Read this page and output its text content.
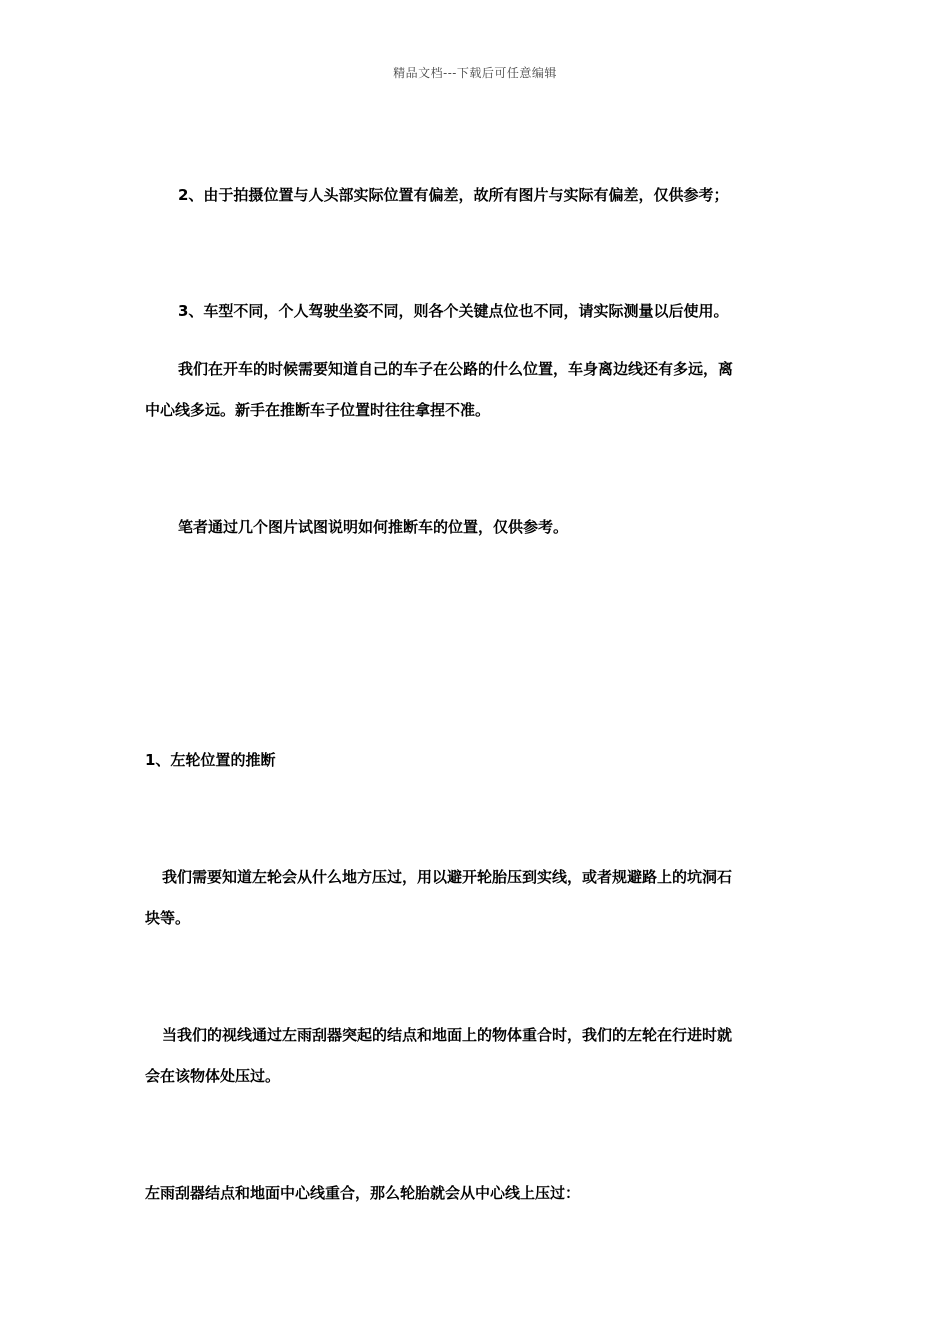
精品文档---下载后可任意编辑
2、由于拍摄位置与人头部实际位置有偏差，故所有图片与实际有偏差，仅供参考；
3、车型不同，个人驾驶坐姿不同，则各个关键点位也不同，请实际测量以后使用。
我们在开车的时候需要知道自己的车子在公路的什么位置，车身离边线还有多远，离
中心线多远。新手在推断车子位置时往往拿捏不准。
笔者通过几个图片试图说明如何推断车的位置，仅供参考。
1、左轮位置的推断
我们需要知道左轮会从什么地方压过，用以避开轮胎压到实线，或者规避路上的坑洞石
块等。
当我们的视线通过左雨刮器突起的结点和地面上的物体重合时，我们的左轮在行进时就
会在该物体处压过。
左雨刮器结点和地面中心线重合，那么轮胎就会从中心线上压过：
